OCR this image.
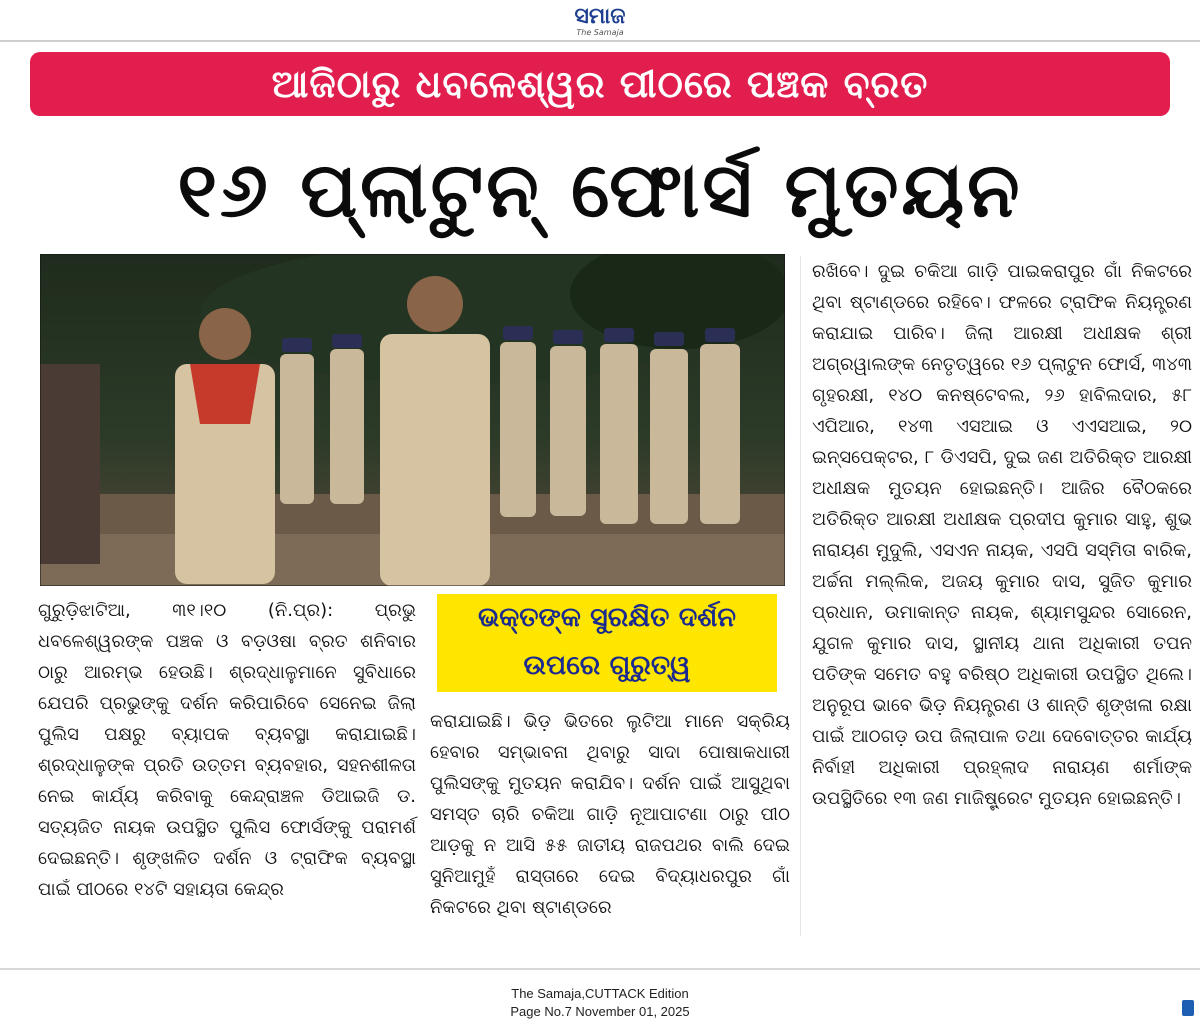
ସମାଜ
The Samaja
ଆଜିଠାରୁ ଧବଳେଶ୍ୱର ପୀଠରେ ପଞ୍ଚକ ବ୍ରତ
୧୬ ପ୍ଲାଟୁନ୍ ଫୋର୍ସ ମୁତୟନ

ଗୁରୁଡ଼ିଝାଟିଆ, ୩୧।୧୦ (ନି.ପ୍ର): ପ୍ରଭୁ ଧବଳେଶ୍ୱରଙ୍କ ପଞ୍ଚକ ଓ ବଡ଼ଓଷା ବ୍ରତ ଶନିବାର ଠାରୁ ଆରମ୍ଭ ହେଉଛି। ଶ୍ରଦ୍ଧାଳୁମାନେ ସୁବିଧାରେ ଯେପରି ପ୍ରଭୁଙ୍କୁ ଦର୍ଶନ କରିପାରିବେ ସେନେଇ ଜିଲା ପୁଲିସ ପକ୍ଷରୁ ବ୍ୟାପକ ବ୍ୟବସ୍ଥା କରାଯାଇଛି। ଶ୍ରଦ୍ଧାଳୁଙ୍କ ପ୍ରତି ଉତ୍ତମ ବ୍ୟବହାର, ସହନଶୀଳତା ନେଇ କାର୍ଯ୍ୟ କରିବାକୁ କେନ୍ଦ୍ରାଞ୍ଚଳ ଡିଆଇଜି ଡ. ସତ୍ୟଜିତ ନାୟକ ଉପସ୍ଥିତ ପୁଲିସ ଫୋର୍ସଙ୍କୁ ପରାମର୍ଶ ଦେଇଛନ୍ତି। ଶୃଙ୍ଖଳିତ ଦର୍ଶନ ଓ ଟ୍ରାଫିକ ବ୍ୟବସ୍ଥା ପାଇଁ ପୀଠରେ ୧୪ଟି ସହାୟତା କେନ୍ଦ୍ର

ଭକ୍ତଙ୍କ ସୁରକ୍ଷିତ ଦର୍ଶନ
ଉପରେ ଗୁରୁତ୍ୱ

କରାଯାଇଛି। ଭିଡ଼ ଭିତରେ ଲୁଟିଆ ମାନେ ସକ୍ରିୟ ହେବାର ସମ୍ଭାବନା ଥିବାରୁ ସାଦା ପୋଷାକଧାରୀ ପୁଲିସଙ୍କୁ ମୁତୟନ କରାଯିବ। ଦର୍ଶନ ପାଇଁ ଆସୁଥିବା ସମସ୍ତ ଚାରି ଚକିଆ ଗାଡ଼ି ନୂଆପାଟଣା ଠାରୁ ପୀଠ ଆଡ଼କୁ ନ ଆସି ୫୫ ଜାତୀୟ ରାଜପଥର ବାଲି ଦେଇ ସୁନିଆମୁହଁ ରାସ୍ତାରେ ଦେଇ ବିଦ୍ୟାଧରପୁର ଗାଁ ନିକଟରେ ଥିବା ଷ୍ଟାଣ୍ଡରେ

ରଖିବେ। ଦୁଇ ଚକିଆ ଗାଡ଼ି ପାଇକରାପୁର ଗାଁ ନିକଟରେ ଥିବା ଷ୍ଟାଣ୍ଡରେ ରହିବେ। ଫଳରେ ଟ୍ରାଫିକ ନିୟନ୍ତ୍ରଣ କରାଯାଇ ପାରିବ। ଜିଲା ଆରକ୍ଷୀ ଅଧୀକ୍ଷକ ଶ୍ରୀ ଅଗ୍ରୱାଲଙ୍କ ନେତୃତ୍ୱରେ ୧୬ ପ୍ଲାଟୁନ ଫୋର୍ସ, ୩୪୩ ଗୃହରକ୍ଷୀ, ୧୪୦ କନଷ୍ଟେବଲ, ୨୬ ହାବିଲଦାର, ୫୮ ଏପିଆର, ୧୪୩ ଏସଆଇ ଓ ଏଏସଆଇ, ୨୦ ଇନ୍ସପେକ୍ଟର, ୮ ଡିଏସପି, ଦୁଇ ଜଣ ଅତିରିକ୍ତ ଆରକ୍ଷୀ ଅଧୀକ୍ଷକ ମୁତୟନ ହୋଇଛନ୍ତି। ଆଜିର ବୈଠକରେ ଅତିରିକ୍ତ ଆରକ୍ଷୀ ଅଧୀକ୍ଷକ ପ୍ରଦୀପ କୁମାର ସାହୁ, ଶୁଭ ନାରାୟଣ ମୁଦୁଲି, ଏସଏନ ନାୟକ, ଏସପି ସସ୍ମିତା ବାରିକ, ଅର୍ଚ୍ଚନା ମଲ୍ଲିକ, ଅଜୟ କୁମାର ଦାସ, ସୁଜିତ କୁମାର ପ୍ରଧାନ, ଉମାକାନ୍ତ ନାୟକ, ଶ୍ୟାମସୁନ୍ଦର ସୋରେନ, ଯୁଗଳ କୁମାର ଦାସ, ସ୍ଥାନୀୟ ଥାନା ଅଧିକାରୀ ତପନ ପତିଙ୍କ ସମେତ ବହୁ ବରିଷ୍ଠ ଅଧିକାରୀ ଉପସ୍ଥିତ ଥିଲେ। ଅନୁରୂପ ଭାବେ ଭିଡ଼ ନିୟନ୍ତ୍ରଣ ଓ ଶାନ୍ତି ଶୃଙ୍ଖଳା ରକ୍ଷା ପାଇଁ ଆଠଗଡ଼ ଉପ ଜିଲାପାଳ ତଥା ଦେବୋତ୍ତର କାର୍ଯ୍ୟ ନିର୍ବାହୀ ଅଧିକାରୀ ପ୍ରହ୍ଲାଦ ନାରାୟଣ ଶର୍ମାଙ୍କ ଉପସ୍ଥିତିରେ ୧୩ ଜଣ ମାଜିଷ୍ଟ୍ରେଟ ମୁତୟନ ହୋଇଛନ୍ତି।

The Samaja,CUTTACK Edition
Page No.7 November 01, 2025
